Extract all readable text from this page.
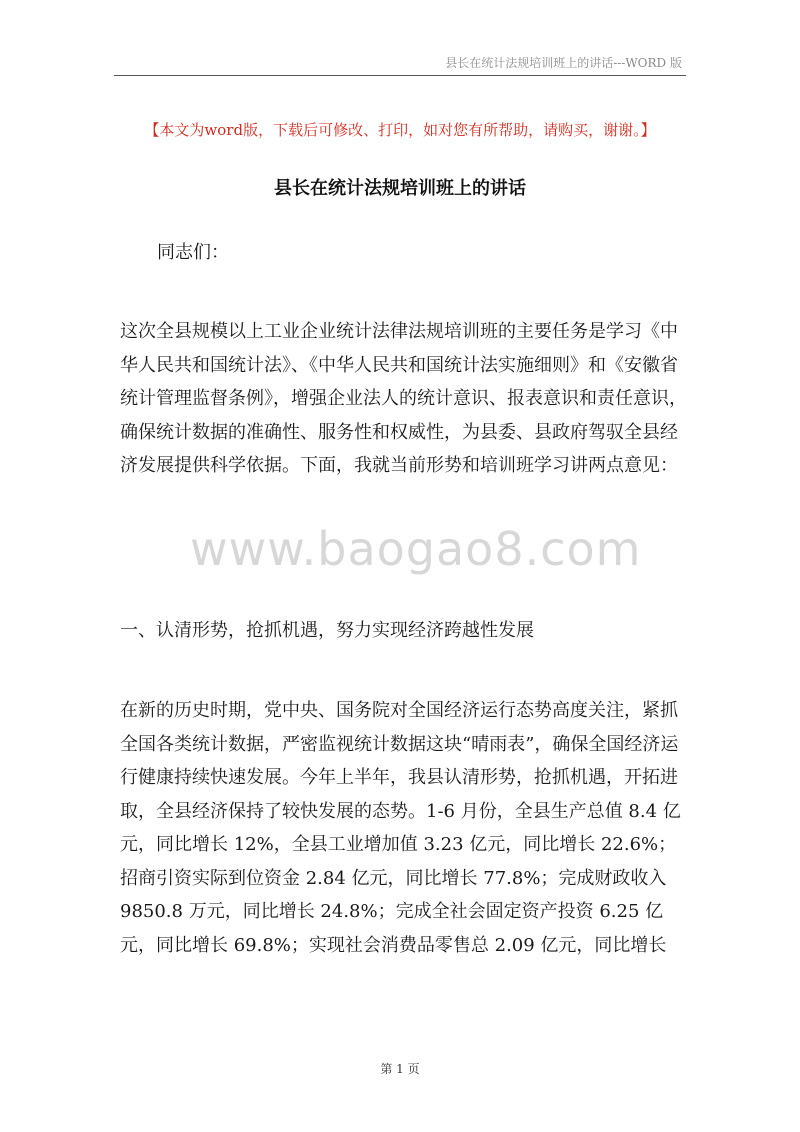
县长在统计法规培训班上的讲话---WORD 版
【本文为word版，下载后可修改、打印，如对您有所帮助，请购买，谢谢。】
县长在统计法规培训班上的讲话

同志们：

这次全县规模以上工业企业统计法律法规培训班的主要任务是学习《中华人民共和国统计法》、《中华人民共和国统计法实施细则》和《安徽省统计管理监督条例》，增强企业法人的统计意识、报表意识和责任意识，确保统计数据的准确性、服务性和权威性，为县委、县政府驾驭全县经济发展提供科学依据。下面，我就当前形势和培训班学习讲两点意见：

www.baogao8.com

一、认清形势，抢抓机遇，努力实现经济跨越性发展

在新的历史时期，党中央、国务院对全国经济运行态势高度关注，紧抓全国各类统计数据，严密监视统计数据这块“晴雨表”，确保全国经济运行健康持续快速发展。今年上半年，我县认清形势，抢抓机遇，开拓进取，全县经济保持了较快发展的态势。1-6 月份，全县生产总值 8.4 亿元，同比增长 12%，全县工业增加值 3.23 亿元，同比增长 22.6%；招商引资实际到位资金 2.84 亿元，同比增长 77.8%；完成财政收入 9850.8 万元，同比增长 24.8%；完成全社会固定资产投资 6.25 亿元，同比增长 69.8%；实现社会消费品零售总 2.09 亿元，同比增长

第 1 页
